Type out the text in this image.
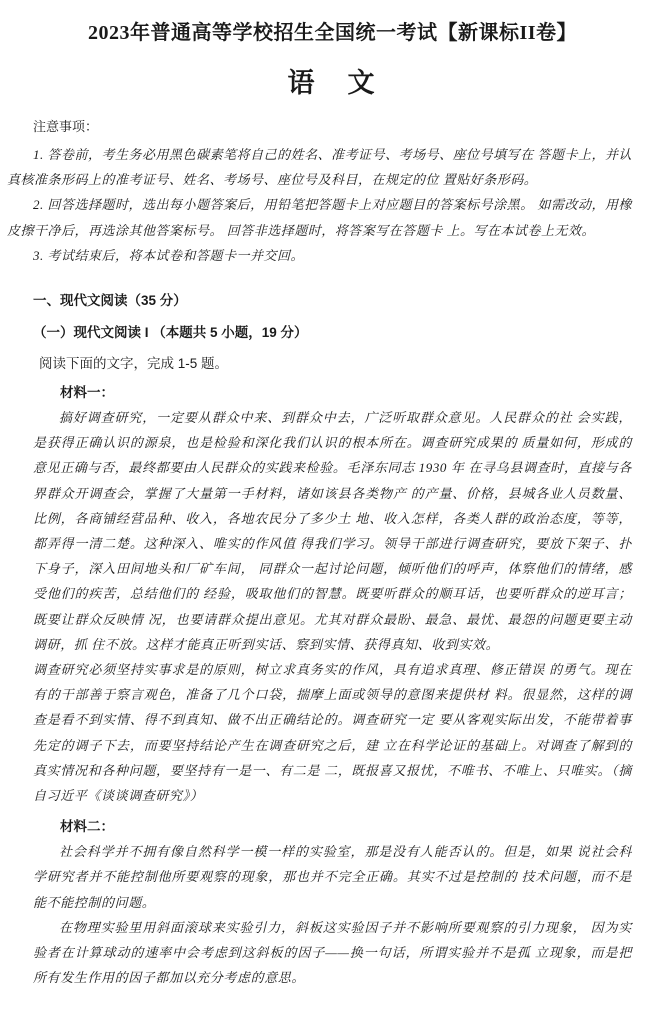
2023年普通高等学校招生全国统一考试【新课标II卷】
语　文

注意事项：

1. 答卷前，考生务必用黑色碳素笔将自己的姓名、准考证号、考场号、座位号填写在 答题卡上，并认真核准条形码上的准考证号、姓名、考场号、座位号及科目，在规定的位 置贴好条形码。

2. 回答选择题时，选出每小题答案后，用铅笔把答题卡上对应题目的答案标号涂黑。 如需改动，用橡皮擦干净后，再选涂其他答案标号。 回答非选择题时，将答案写在答题卡 上。写在本试卷上无效。

3. 考试结束后，将本试卷和答题卡一并交回。

一、现代文阅读（35 分）

（一）现代文阅读 I （本题共 5 小题，19 分）

阅读下面的文字，完成 1-5 题。

材料一：

搞好调查研究，一定要从群众中来、到群众中去，广泛听取群众意见。人民群众的社 会实践，是获得正确认识的源泉，也是检验和深化我们认识的根本所在。调查研究成果的 质量如何，形成的意见正确与否，最终都要由人民群众的实践来检验。毛泽东同志 1930 年 在寻乌县调查时，直接与各界群众开调查会，掌握了大量第一手材料，诸如该县各类物产 的产量、价格，县城各业人员数量、比例，各商铺经营品种、收入，各地农民分了多少土 地、收入怎样，各类人群的政治态度，等等，都弄得一清二楚。这种深入、唯实的作风值 得我们学习。领导干部进行调查研究，要放下架子、扑下身子，深入田间地头和厂矿车间， 同群众一起讨论问题，倾听他们的呼声，体察他们的情绪，感受他们的疾苦，总结他们的 经验，吸取他们的智慧。既要听群众的顺耳话，也要听群众的逆耳言；既要让群众反映情 况，也要请群众提出意见。尤其对群众最盼、最急、最忧、最怨的问题更要主动调研，抓 住不放。这样才能真正听到实话、察到实情、获得真知、收到实效。

调查研究必须坚持实事求是的原则，树立求真务实的作风，具有追求真理、修正错误 的勇气。现在有的干部善于察言观色，准备了几个口袋，揣摩上面或领导的意图来提供材 料。很显然，这样的调查是看不到实情、得不到真知、做不出正确结论的。调查研究一定 要从客观实际出发，不能带着事先定的调子下去，而要坚持结论产生在调查研究之后，建 立在科学论证的基础上。对调查了解到的真实情况和各种问题，要坚持有一是一、有二是 二，既报喜又报忧，不唯书、不唯上、只唯实。（摘自习近平《谈谈调查研究》）

材料二：

社会科学并不拥有像自然科学一模一样的实验室，那是没有人能否认的。但是，如果 说社会科学研究者并不能控制他所要观察的现象，那也并不完全正确。其实不过是控制的 技术问题，而不是能不能控制的问题。

在物理实验里用斜面滚球来实验引力，斜板这实验因子并不影响所要观察的引力现象， 因为实验者在计算球动的速率中会考虑到这斜板的因子——换一句话，所谓实验并不是孤 立现象，而是把所有发生作用的因子都加以充分考虑的意思。
